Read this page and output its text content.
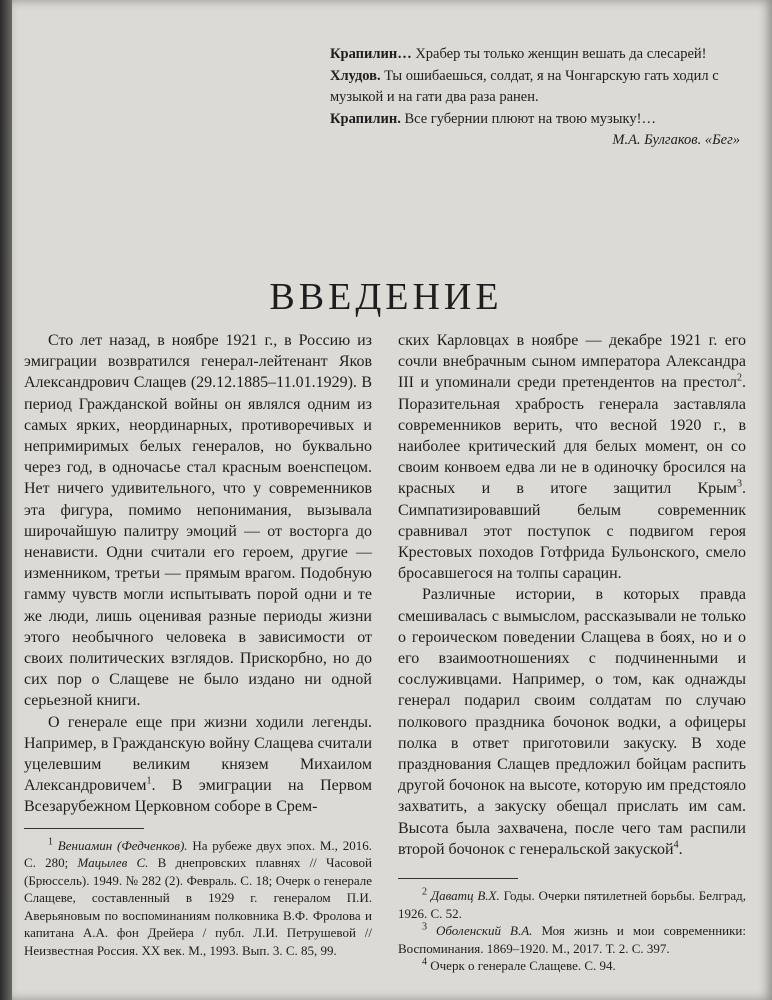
Крапилин… Храбер ты только женщин вешать да слесарей!

Хлудов. Ты ошибаешься, солдат, я на Чонгарскую гать ходил с музыкой и на гати два раза ранен.

Крапилин. Все губернии плюют на твою музыку!…

М.А. Булгаков. «Бег»

ВВЕДЕНИЕ

Сто лет назад, в ноябре 1921 г., в Россию из эмиграции возвратился генерал-лейтенант Яков Александрович Слащев (29.12.1885–11.01.1929). В период Гражданской войны он являлся одним из самых ярких, неординарных, противоречивых и непримиримых белых генералов, но буквально через год, в одночасье стал красным военспецом. Нет ничего удивительного, что у современников эта фигура, помимо непонимания, вызывала широчайшую палитру эмоций — от восторга до ненависти. Одни считали его героем, другие — изменником, третьи — прямым врагом. Подобную гамму чувств могли испытывать порой одни и те же люди, лишь оценивая разные периоды жизни этого необычного человека в зависимости от своих политических взглядов. Прискорбно, но до сих пор о Слащеве не было издано ни одной серьезной книги.

О генерале еще при жизни ходили легенды. Например, в Гражданскую войну Слащева считали уцелевшим великим князем Михаилом Александровичем$^1$. В эмиграции на Первом Всезарубежном Церковном соборе в Срем-

$^1$ Вениамин (Федченков). На рубеже двух эпох. М., 2016. С. 280; Мацылев С. В днепровских плавнях // Часовой (Брюссель). 1949. № 282 (2). Февраль. С. 18; Очерк о генерале Слащеве, составленный в 1929 г. генералом П.И. Аверьяновым по воспоминаниям полковника В.Ф. Фролова и капитана А.А. фон Дрейера / публ. Л.И. Петрушевой // Неизвестная Россия. XX век. М., 1993. Вып. 3. С. 85, 99.

ских Карловцах в ноябре — декабре 1921 г. его сочли внебрачным сыном императора Александра III и упоминали среди претендентов на престол$^2$. Поразительная храбрость генерала заставляла современников верить, что весной 1920 г., в наиболее критический для белых момент, он со своим конвоем едва ли не в одиночку бросился на красных и в итоге защитил Крым$^3$. Симпатизировавший белым современник сравнивал этот поступок с подвигом героя Крестовых походов Готфрида Бульонского, смело бросавшегося на толпы сарацин.

Различные истории, в которых правда смешивалась с вымыслом, рассказывали не только о героическом поведении Слащева в боях, но и о его взаимоотношениях с подчиненными и сослуживцами. Например, о том, как однажды генерал подарил своим солдатам по случаю полкового праздника бочонок водки, а офицеры полка в ответ приготовили закуску. В ходе празднования Слащев предложил бойцам распить другой бочонок на высоте, которую им предстояло захватить, а закуску обещал прислать им сам. Высота была захвачена, после чего там распили второй бочонок с генеральской закуской$^4$.

$^2$ Даватц В.Х. Годы. Очерки пятилетней борьбы. Белград, 1926. С. 52.

$^3$ Оболенский В.А. Моя жизнь и мои современники: Воспоминания. 1869–1920. М., 2017. Т. 2. С. 397.

$^4$ Очерк о генерале Слащеве. С. 94.
